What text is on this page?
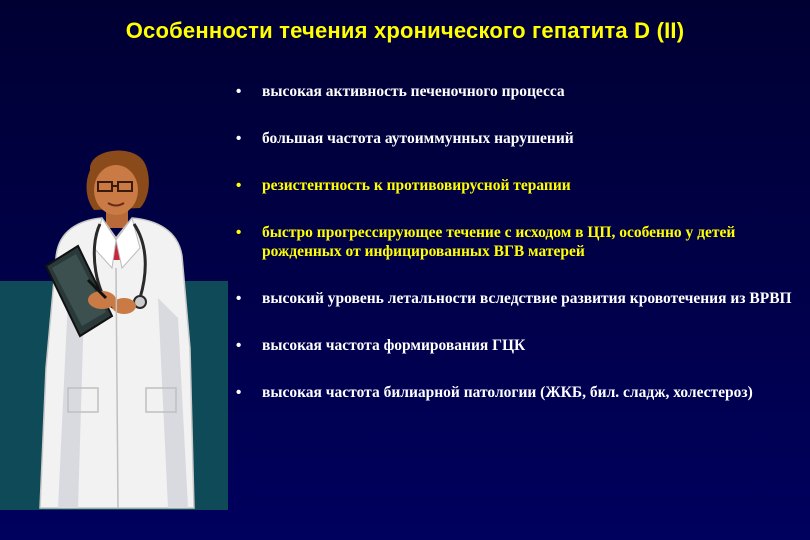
Особенности течения хронического гепатита D (II)
• высокая активность печеночного процесса
• большая частота аутоиммунных нарушений
• резистентность к противовирусной терапии
• быстро прогрессирующее течение с исходом в ЦП, особенно у детей рожденных от инфицированных ВГВ матерей
• высокий уровень летальности вследствие развития кровотечения из ВРВП
• высокая частота формирования ГЦК
• высокая частота билиарной патологии (ЖКБ, бил. сладж, холестероз)
